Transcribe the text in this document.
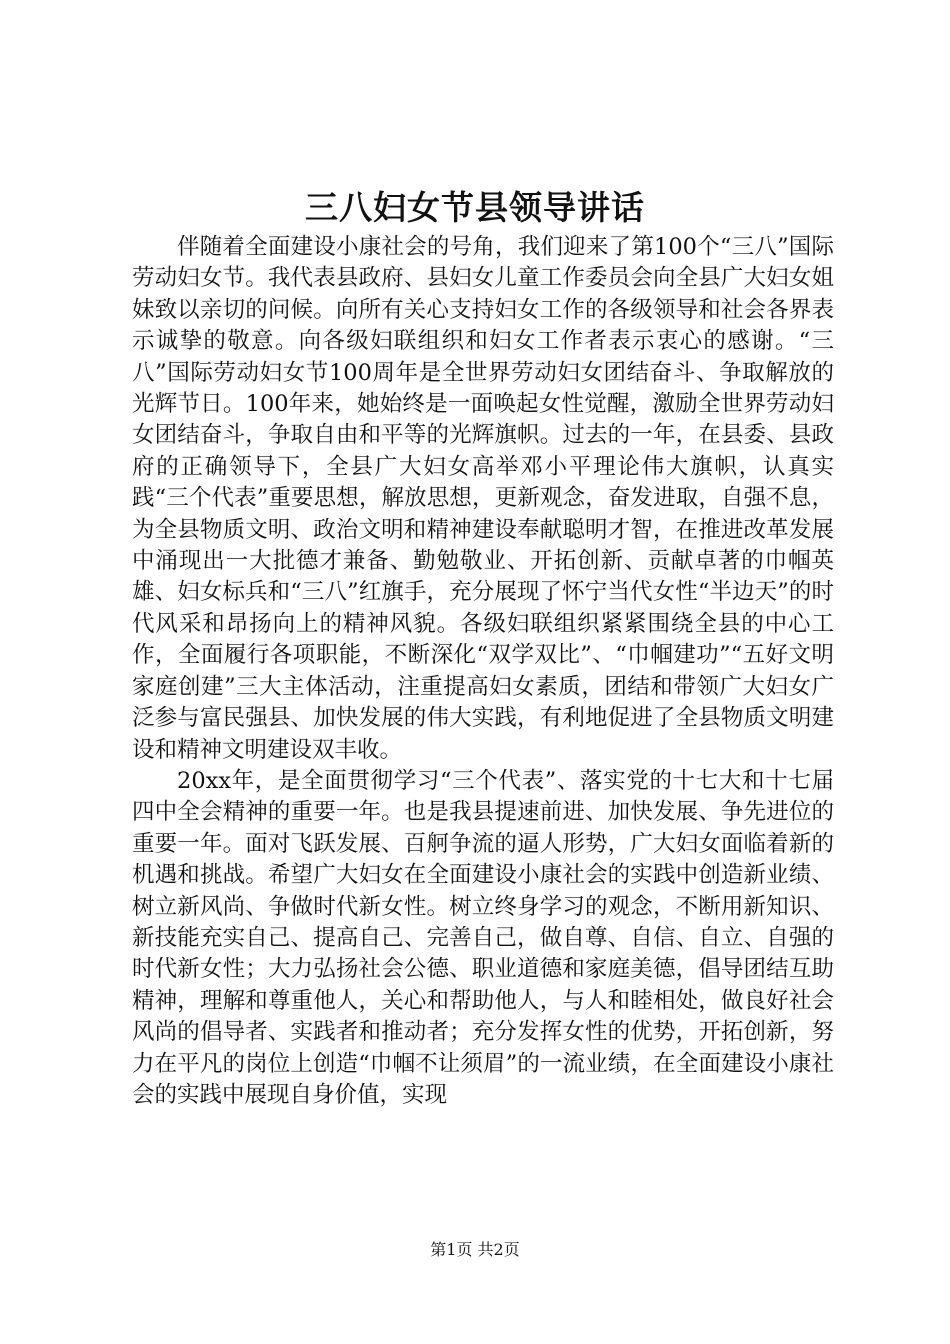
三八妇女节县领导讲话

伴随着全面建设小康社会的号角，我们迎来了第100个“三八”国际劳动妇女节。我代表县政府、县妇女儿童工作委员会向全县广大妇女姐妹致以亲切的问候。向所有关心支持妇女工作的各级领导和社会各界表示诚挚的敬意。向各级妇联组织和妇女工作者表示衷心的感谢。“三八”国际劳动妇女节100周年是全世界劳动妇女团结奋斗、争取解放的光辉节日。100年来，她始终是一面唤起女性觉醒，激励全世界劳动妇女团结奋斗，争取自由和平等的光辉旗帜。过去的一年，在县委、县政府的正确领导下，全县广大妇女高举邓小平理论伟大旗帜，认真实践“三个代表”重要思想，解放思想，更新观念，奋发进取，自强不息，为全县物质文明、政治文明和精神建设奉献聪明才智，在推进改革发展中涌现出一大批德才兼备、勤勉敬业、开拓创新、贡献卓著的巾帼英雄、妇女标兵和“三八”红旗手，充分展现了怀宁当代女性“半边天”的时代风采和昂扬向上的精神风貌。各级妇联组织紧紧围绕全县的中心工作，全面履行各项职能，不断深化“双学双比”、“巾帼建功”“五好文明家庭创建”三大主体活动，注重提高妇女素质，团结和带领广大妇女广泛参与富民强县、加快发展的伟大实践，有利地促进了全县物质文明建设和精神文明建设双丰收。

20xx年，是全面贯彻学习“三个代表”、落实党的十七大和十七届四中全会精神的重要一年。也是我县提速前进、加快发展、争先进位的重要一年。面对飞跃发展、百舸争流的逼人形势，广大妇女面临着新的机遇和挑战。希望广大妇女在全面建设小康社会的实践中创造新业绩、树立新风尚、争做时代新女性。树立终身学习的观念，不断用新知识、新技能充实自己、提高自己、完善自己，做自尊、自信、自立、自强的时代新女性；大力弘扬社会公德、职业道德和家庭美德，倡导团结互助精神，理解和尊重他人，关心和帮助他人，与人和睦相处，做良好社会风尚的倡导者、实践者和推动者；充分发挥女性的优势，开拓创新，努力在平凡的岗位上创造“巾帼不让须眉”的一流业绩，在全面建设小康社会的实践中展现自身价值，实现

第1页 共2页
